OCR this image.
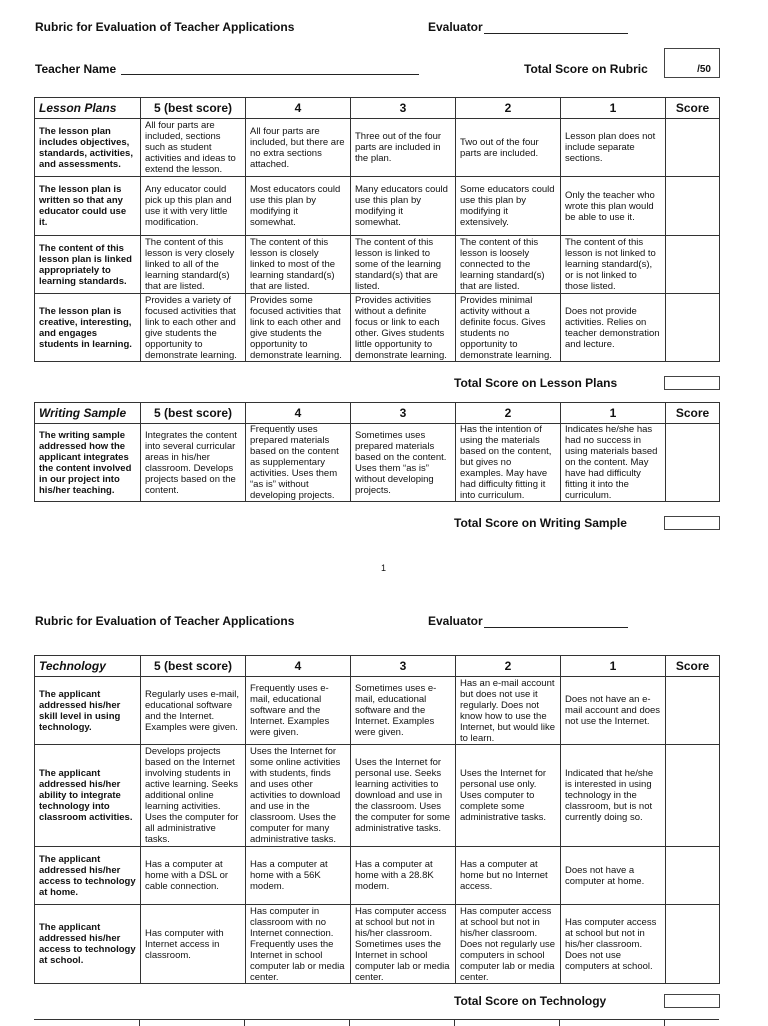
Rubric for Evaluation of Teacher Applications	Evaluator
Teacher Name	Total Score on Rubric	/50
Lesson Plans	5 (best score)	4	3	2	1	Score
The lesson plan includes objectives, standards, activities, and assessments.	All four parts are included, sections such as student activities and ideas to extend the lesson.	All four parts are included, but there are no extra sections attached.	Three out of the four parts are included in the plan.	Two out of the four parts are included.	Lesson plan does not include separate sections.	
The lesson plan is written so that any educator could use it.	Any educator could pick up this plan and use it with very little modification.	Most educators could use this plan by modifying it somewhat.	Many educators could use this plan by modifying it somewhat.	Some educators could use this plan by modifying it extensively.	Only the teacher who wrote this plan would be able to use it.	
The content of this lesson plan is linked appropriately to learning standards.	The content of this lesson is very closely linked to all of the learning standard(s) that are listed.	The content of this lesson is closely linked to most of the learning standard(s) that are listed.	The content of this lesson is linked to some of the learning standard(s) that are listed.	The content of this lesson is loosely connected to the learning standard(s) that are listed.	The content of this lesson is not linked to learning standard(s), or is not linked to those listed.	
The lesson plan is creative, interesting, and engages students in learning.	Provides a variety of focused activities that link to each other and give students the opportunity to demonstrate learning.	Provides some focused activities that link to each other and give students the opportunity to demonstrate learning.	Provides activities without a definite focus or link to each other. Gives students little opportunity to demonstrate learning.	Provides minimal activity without a definite focus. Gives students no opportunity to demonstrate learning.	Does not provide activities. Relies on teacher demonstration and lecture.	
Total Score on Lesson Plans
Writing Sample	5 (best score)	4	3	2	1	Score
The writing sample addressed how the applicant integrates the content involved in our project into his/her teaching.	Integrates the content into several curricular areas in his/her classroom. Develops projects based on the content.	Frequently uses prepared materials based on the content as supplementary activities. Uses them “as is” without developing projects.	Sometimes uses prepared materials based on the content. Uses them “as is” without developing projects.	Has the intention of using the materials based on the content, but gives no examples. May have had difficulty fitting it into curriculum.	Indicates he/she has had no success in using materials based on the content. May have had difficulty fitting it into the curriculum.	
Total Score on Writing Sample
1
Rubric for Evaluation of Teacher Applications	Evaluator
Technology	5 (best score)	4	3	2	1	Score
The applicant addressed his/her skill level in using technology.	Regularly uses e-mail, educational software and the Internet. Examples were given.	Frequently uses e-mail, educational software and the Internet. Examples were given.	Sometimes uses e-mail, educational software and the Internet. Examples were given.	Has an e-mail account but does not use it regularly. Does not know how to use the Internet, but would like to learn.	Does not have an e-mail account and does not use the Internet.	
The applicant addressed his/her ability to integrate technology into classroom activities.	Develops projects based on the Internet involving students in active learning. Seeks additional online learning activities. Uses the computer for all administrative tasks.	Uses the Internet for some online activities with students, finds and uses other activities to download and use in the classroom. Uses the computer for many administrative tasks.	Uses the Internet for personal use. Seeks learning activities to download and use in the classroom. Uses the computer for some administrative tasks.	Uses the Internet for personal use only. Uses computer to complete some administrative tasks.	Indicated that he/she is interested in using technology in the classroom, but is not currently doing so.	
The applicant addressed his/her access to technology at home.	Has a computer at home with a DSL or cable connection.	Has a computer at home with a 56K modem.	Has a computer at home with a 28.8K modem.	Has a computer at home but no Internet access.	Does not have a computer at home.	
The applicant addressed his/her access to technology at school.	Has computer with Internet access in classroom.	Has computer in classroom with no Internet connection. Frequently uses the Internet in school computer lab or media center.	Has computer access at school but not in his/her classroom. Sometimes uses the Internet in school computer lab or media center.	Has computer access at school but not in his/her classroom. Does not regularly use computers in school computer lab or media center.	Has computer access at school but not in his/her classroom. Does not use computers at school.	
Total Score on Technology
